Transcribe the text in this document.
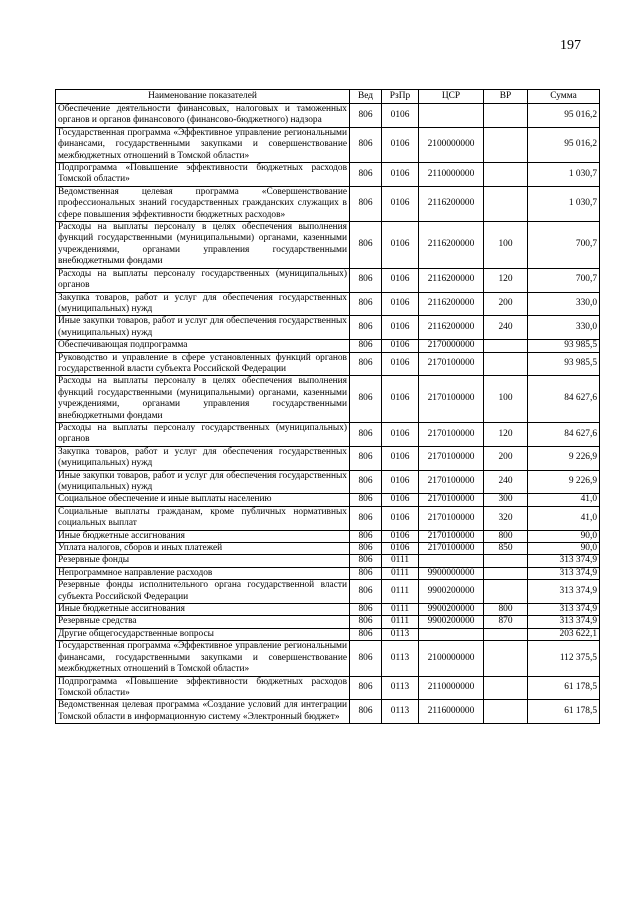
197
Наименование показателей	Вед	РзПр	ЦСР	ВР	Сумма
Обеспечение деятельности финансовых, налоговых и таможенных органов и органов финансового (финансово-бюджетного) надзора	806	0106			95 016,2
Государственная программа «Эффективное управление региональными финансами, государственными закупками и совершенствование межбюджетных отношений в Томской области»	806	0106	2100000000		95 016,2
Подпрограмма «Повышение эффективности бюджетных расходов Томской области»	806	0106	2110000000		1 030,7
Ведомственная целевая программа «Совершенствование профессиональных знаний государственных гражданских служащих в сфере повышения эффективности бюджетных расходов»	806	0106	2116200000		1 030,7
Расходы на выплаты персоналу в целях обеспечения выполнения функций государственными (муниципальными) органами, казенными учреждениями, органами управления государственными внебюджетными фондами	806	0106	2116200000	100	700,7
Расходы на выплаты персоналу государственных (муниципальных) органов	806	0106	2116200000	120	700,7
Закупка товаров, работ и услуг для обеспечения государственных (муниципальных) нужд	806	0106	2116200000	200	330,0
Иные закупки товаров, работ и услуг для обеспечения государственных (муниципальных) нужд	806	0106	2116200000	240	330,0
Обеспечивающая подпрограмма	806	0106	2170000000		93 985,5
Руководство и управление в сфере установленных функций органов государственной власти субъекта Российской Федерации	806	0106	2170100000		93 985,5
Расходы на выплаты персоналу в целях обеспечения выполнения функций государственными (муниципальными) органами, казенными учреждениями, органами управления государственными внебюджетными фондами	806	0106	2170100000	100	84 627,6
Расходы на выплаты персоналу государственных (муниципальных) органов	806	0106	2170100000	120	84 627,6
Закупка товаров, работ и услуг для обеспечения государственных (муниципальных) нужд	806	0106	2170100000	200	9 226,9
Иные закупки товаров, работ и услуг для обеспечения государственных (муниципальных) нужд	806	0106	2170100000	240	9 226,9
Социальное обеспечение и иные выплаты населению	806	0106	2170100000	300	41,0
Социальные выплаты гражданам, кроме публичных нормативных социальных выплат	806	0106	2170100000	320	41,0
Иные бюджетные ассигнования	806	0106	2170100000	800	90,0
Уплата налогов, сборов и иных платежей	806	0106	2170100000	850	90,0
Резервные фонды	806	0111			313 374,9
Непрограммное направление расходов	806	0111	9900000000		313 374,9
Резервные фонды исполнительного органа государственной власти субъекта Российской Федерации	806	0111	9900200000		313 374,9
Иные бюджетные ассигнования	806	0111	9900200000	800	313 374,9
Резервные средства	806	0111	9900200000	870	313 374,9
Другие общегосударственные вопросы	806	0113			203 622,1
Государственная программа «Эффективное управление региональными финансами, государственными закупками и совершенствование межбюджетных отношений в Томской области»	806	0113	2100000000		112 375,5
Подпрограмма «Повышение эффективности бюджетных расходов Томской области»	806	0113	2110000000		61 178,5
Ведомственная целевая программа «Создание условий для интеграции Томской области в информационную систему «Электронный бюджет»	806	0113	2116000000		61 178,5
